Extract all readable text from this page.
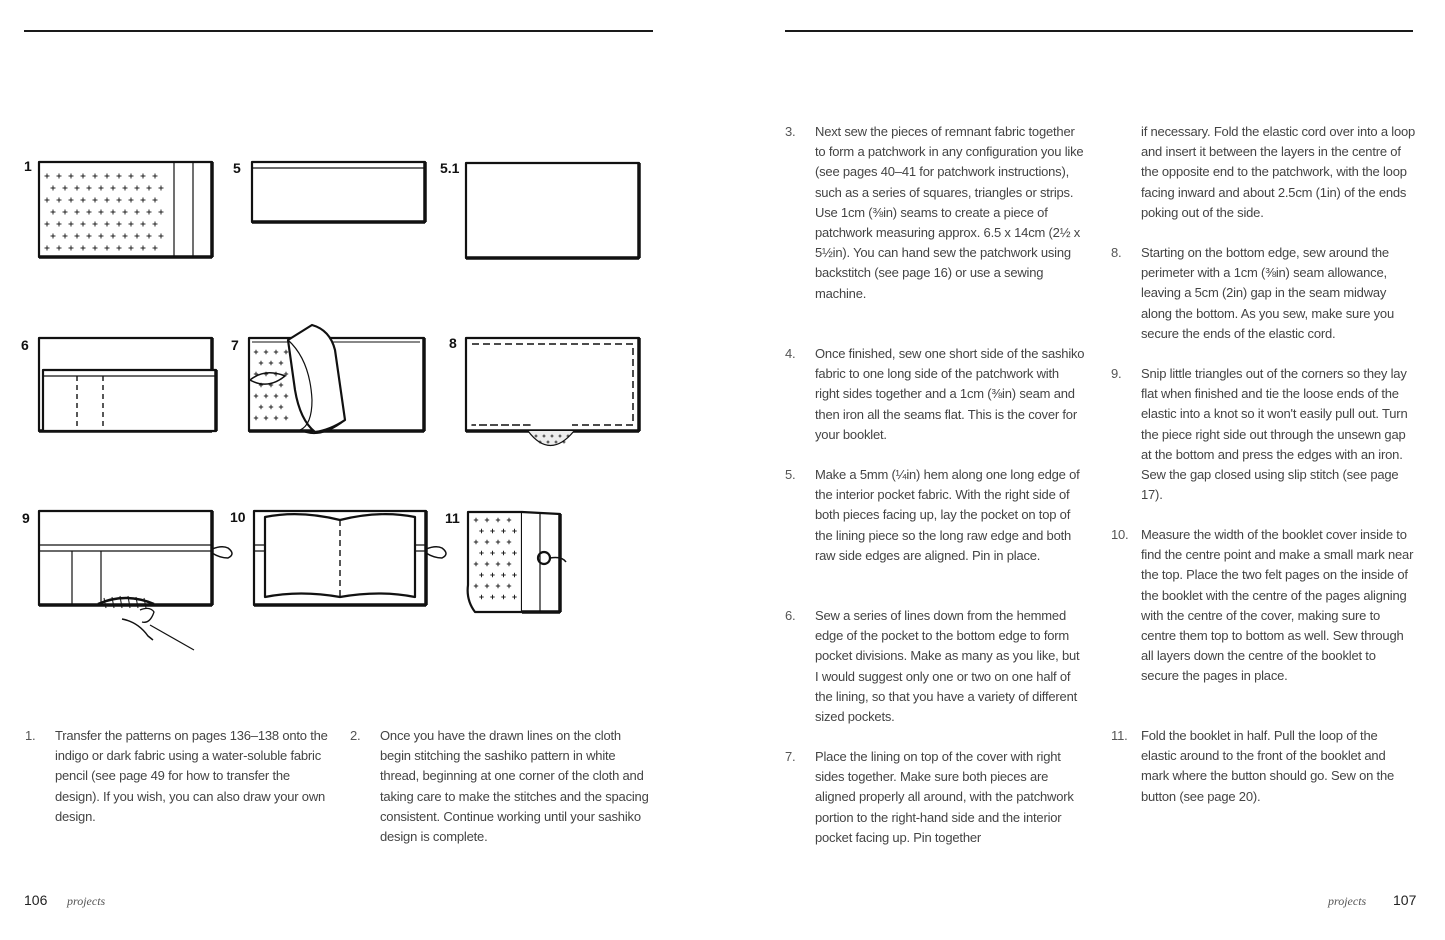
1	5	5.1
6	7	8
9	10	11
1. Transfer the patterns on pages 136–138 onto the indigo or dark fabric using a water-soluble fabric pencil (see page 49 for how to transfer the design). If you wish, you can also draw your own design.
2. Once you have the drawn lines on the cloth begin stitching the sashiko pattern in white thread, beginning at one corner of the cloth and taking care to make the stitches and the spacing consistent. Continue working until your sashiko design is complete.
3. Next sew the pieces of remnant fabric together to form a patchwork in any configuration you like (see pages 40–41 for patchwork instructions), such as a series of squares, triangles or strips. Use 1cm (⅜in) seams to create a piece of patchwork measuring approx. 6.5 x 14cm (2½ x 5½in). You can hand sew the patchwork using backstitch (see page 16) or use a sewing machine.
4. Once finished, sew one short side of the sashiko fabric to one long side of the patchwork with right sides together and a 1cm (⅜in) seam and then iron all the seams flat. This is the cover for your booklet.
5. Make a 5mm (¼in) hem along one long edge of the interior pocket fabric. With the right side of both pieces facing up, lay the pocket on top of the lining piece so the long raw edge and both raw side edges are aligned. Pin in place.
6. Sew a series of lines down from the hemmed edge of the pocket to the bottom edge to form pocket divisions. Make as many as you like, but I would suggest only one or two on one half of the lining, so that you have a variety of different sized pockets.
7. Place the lining on top of the cover with right sides together. Make sure both pieces are aligned properly all around, with the patchwork portion to the right-hand side and the interior pocket facing up. Pin together
if necessary. Fold the elastic cord over into a loop and insert it between the layers in the centre of the opposite end to the patchwork, with the loop facing inward and about 2.5cm (1in) of the ends poking out of the side.
8. Starting on the bottom edge, sew around the perimeter with a 1cm (⅜in) seam allowance, leaving a 5cm (2in) gap in the seam midway along the bottom. As you sew, make sure you secure the ends of the elastic cord.
9. Snip little triangles out of the corners so they lay flat when finished and tie the loose ends of the elastic into a knot so it won't easily pull out. Turn the piece right side out through the unsewn gap at the bottom and press the edges with an iron. Sew the gap closed using slip stitch (see page 17).
10. Measure the width of the booklet cover inside to find the centre point and make a small mark near the top. Place the two felt pages on the inside of the booklet with the centre of the pages aligning with the centre of the cover, making sure to centre them top to bottom as well. Sew through all layers down the centre of the booklet to secure the pages in place.
11. Fold the booklet in half. Pull the loop of the elastic around to the front of the booklet and mark where the button should go. Sew on the button (see page 20).
106 projects	projects 107
